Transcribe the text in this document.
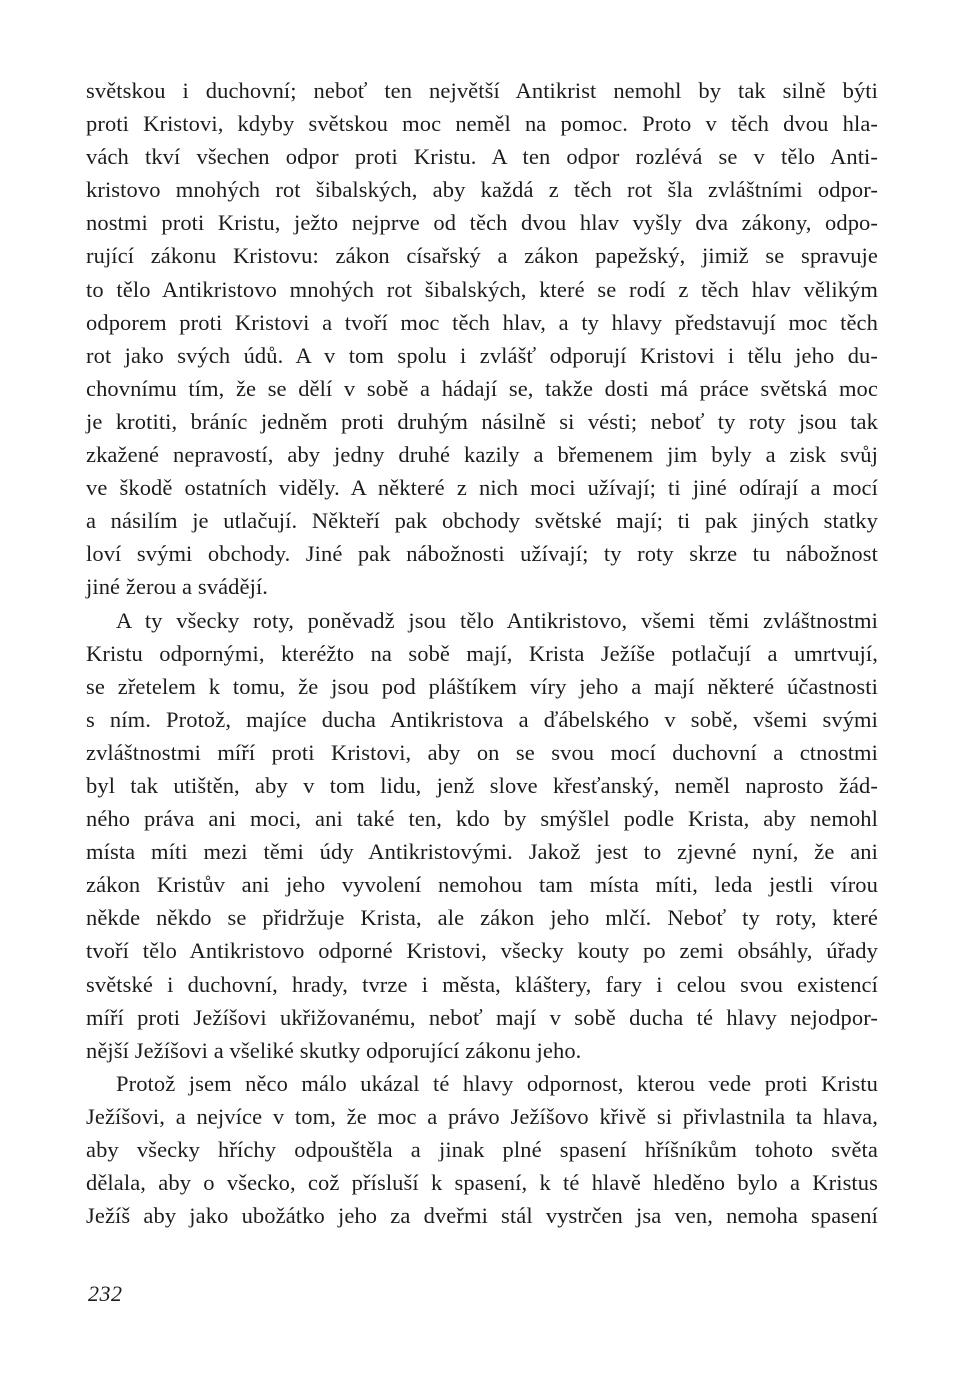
světskou i duchovní; neboť ten největší Antikrist nemohl by tak silně býti
proti Kristovi, kdyby světskou moc neměl na pomoc. Proto v těch dvou hla-
vách tkví všechen odpor proti Kristu. A ten odpor rozlévá se v tělo Anti-
kristovo mnohých rot šibalských, aby každá z těch rot šla zvláštními odpor-
nostmi proti Kristu, ježto nejprve od těch dvou hlav vyšly dva zákony, odpo-
rující zákonu Kristovu: zákon císařský a zákon papežský, jimiž se spravuje
to tělo Antikristovo mnohých rot šibalských, které se rodí z těch hlav vělikým
odporem proti Kristovi a tvoří moc těch hlav, a ty hlavy představují moc těch
rot jako svých údů. A v tom spolu i zvlášť odporují Kristovi i tělu jeho du-
chovnímu tím, že se dělí v sobě a hádají se, takže dosti má práce světská moc
je krotiti, bráníc jedněm proti druhým násilně si vésti; neboť ty roty jsou tak
zkažené nepravostí, aby jedny druhé kazily a břemenem jim byly a zisk svůj
ve škodě ostatních viděly. A některé z nich moci užívají; ti jiné odírají a mocí
a násilím je utlačují. Někteří pak obchody světské mají; ti pak jiných statky
loví svými obchody. Jiné pak nábožnosti užívají; ty roty skrze tu nábožnost
jiné žerou a svádějí.
A ty všecky roty, poněvadž jsou tělo Antikristovo, všemi těmi zvláštnostmi
Kristu odpornými, kteréžto na sobě mají, Krista Ježíše potlačují a umrtvují,
se zřetelem k tomu, že jsou pod pláštíkem víry jeho a mají některé účastnosti
s ním. Protož, majíce ducha Antikristova a ďábelského v sobě, všemi svými
zvláštnostmi míří proti Kristovi, aby on se svou mocí duchovní a ctnostmi
byl tak utištěn, aby v tom lidu, jenž slove křesťanský, neměl naprosto žád-
ného práva ani moci, ani také ten, kdo by smýšlel podle Krista, aby nemohl
místa míti mezi těmi údy Antikristovými. Jakož jest to zjevné nyní, že ani
zákon Kristův ani jeho vyvolení nemohou tam místa míti, leda jestli vírou
někde někdo se přidržuje Krista, ale zákon jeho mlčí. Neboť ty roty, které
tvoří tělo Antikristovo odporné Kristovi, všecky kouty po zemi obsáhly, úřady
světské i duchovní, hrady, tvrze i města, kláštery, fary i celou svou existencí
míří proti Ježíšovi ukřižovanému, neboť mají v sobě ducha té hlavy nejodpor-
nější Ježíšovi a všeliké skutky odporující zákonu jeho.
Protož jsem něco málo ukázal té hlavy odpornost, kterou vede proti Kristu
Ježíšovi, a nejvíce v tom, že moc a právo Ježíšovo křivě si přivlastnila ta hlava,
aby všecky hříchy odpouštěla a jinak plné spasení hříšníkům tohoto světa
dělala, aby o všecko, což přísluší k spasení, k té hlavě hleděno bylo a Kristus
Ježíš aby jako ubožátko jeho za dveřmi stál vystrčen jsa ven, nemoha spasení
232
